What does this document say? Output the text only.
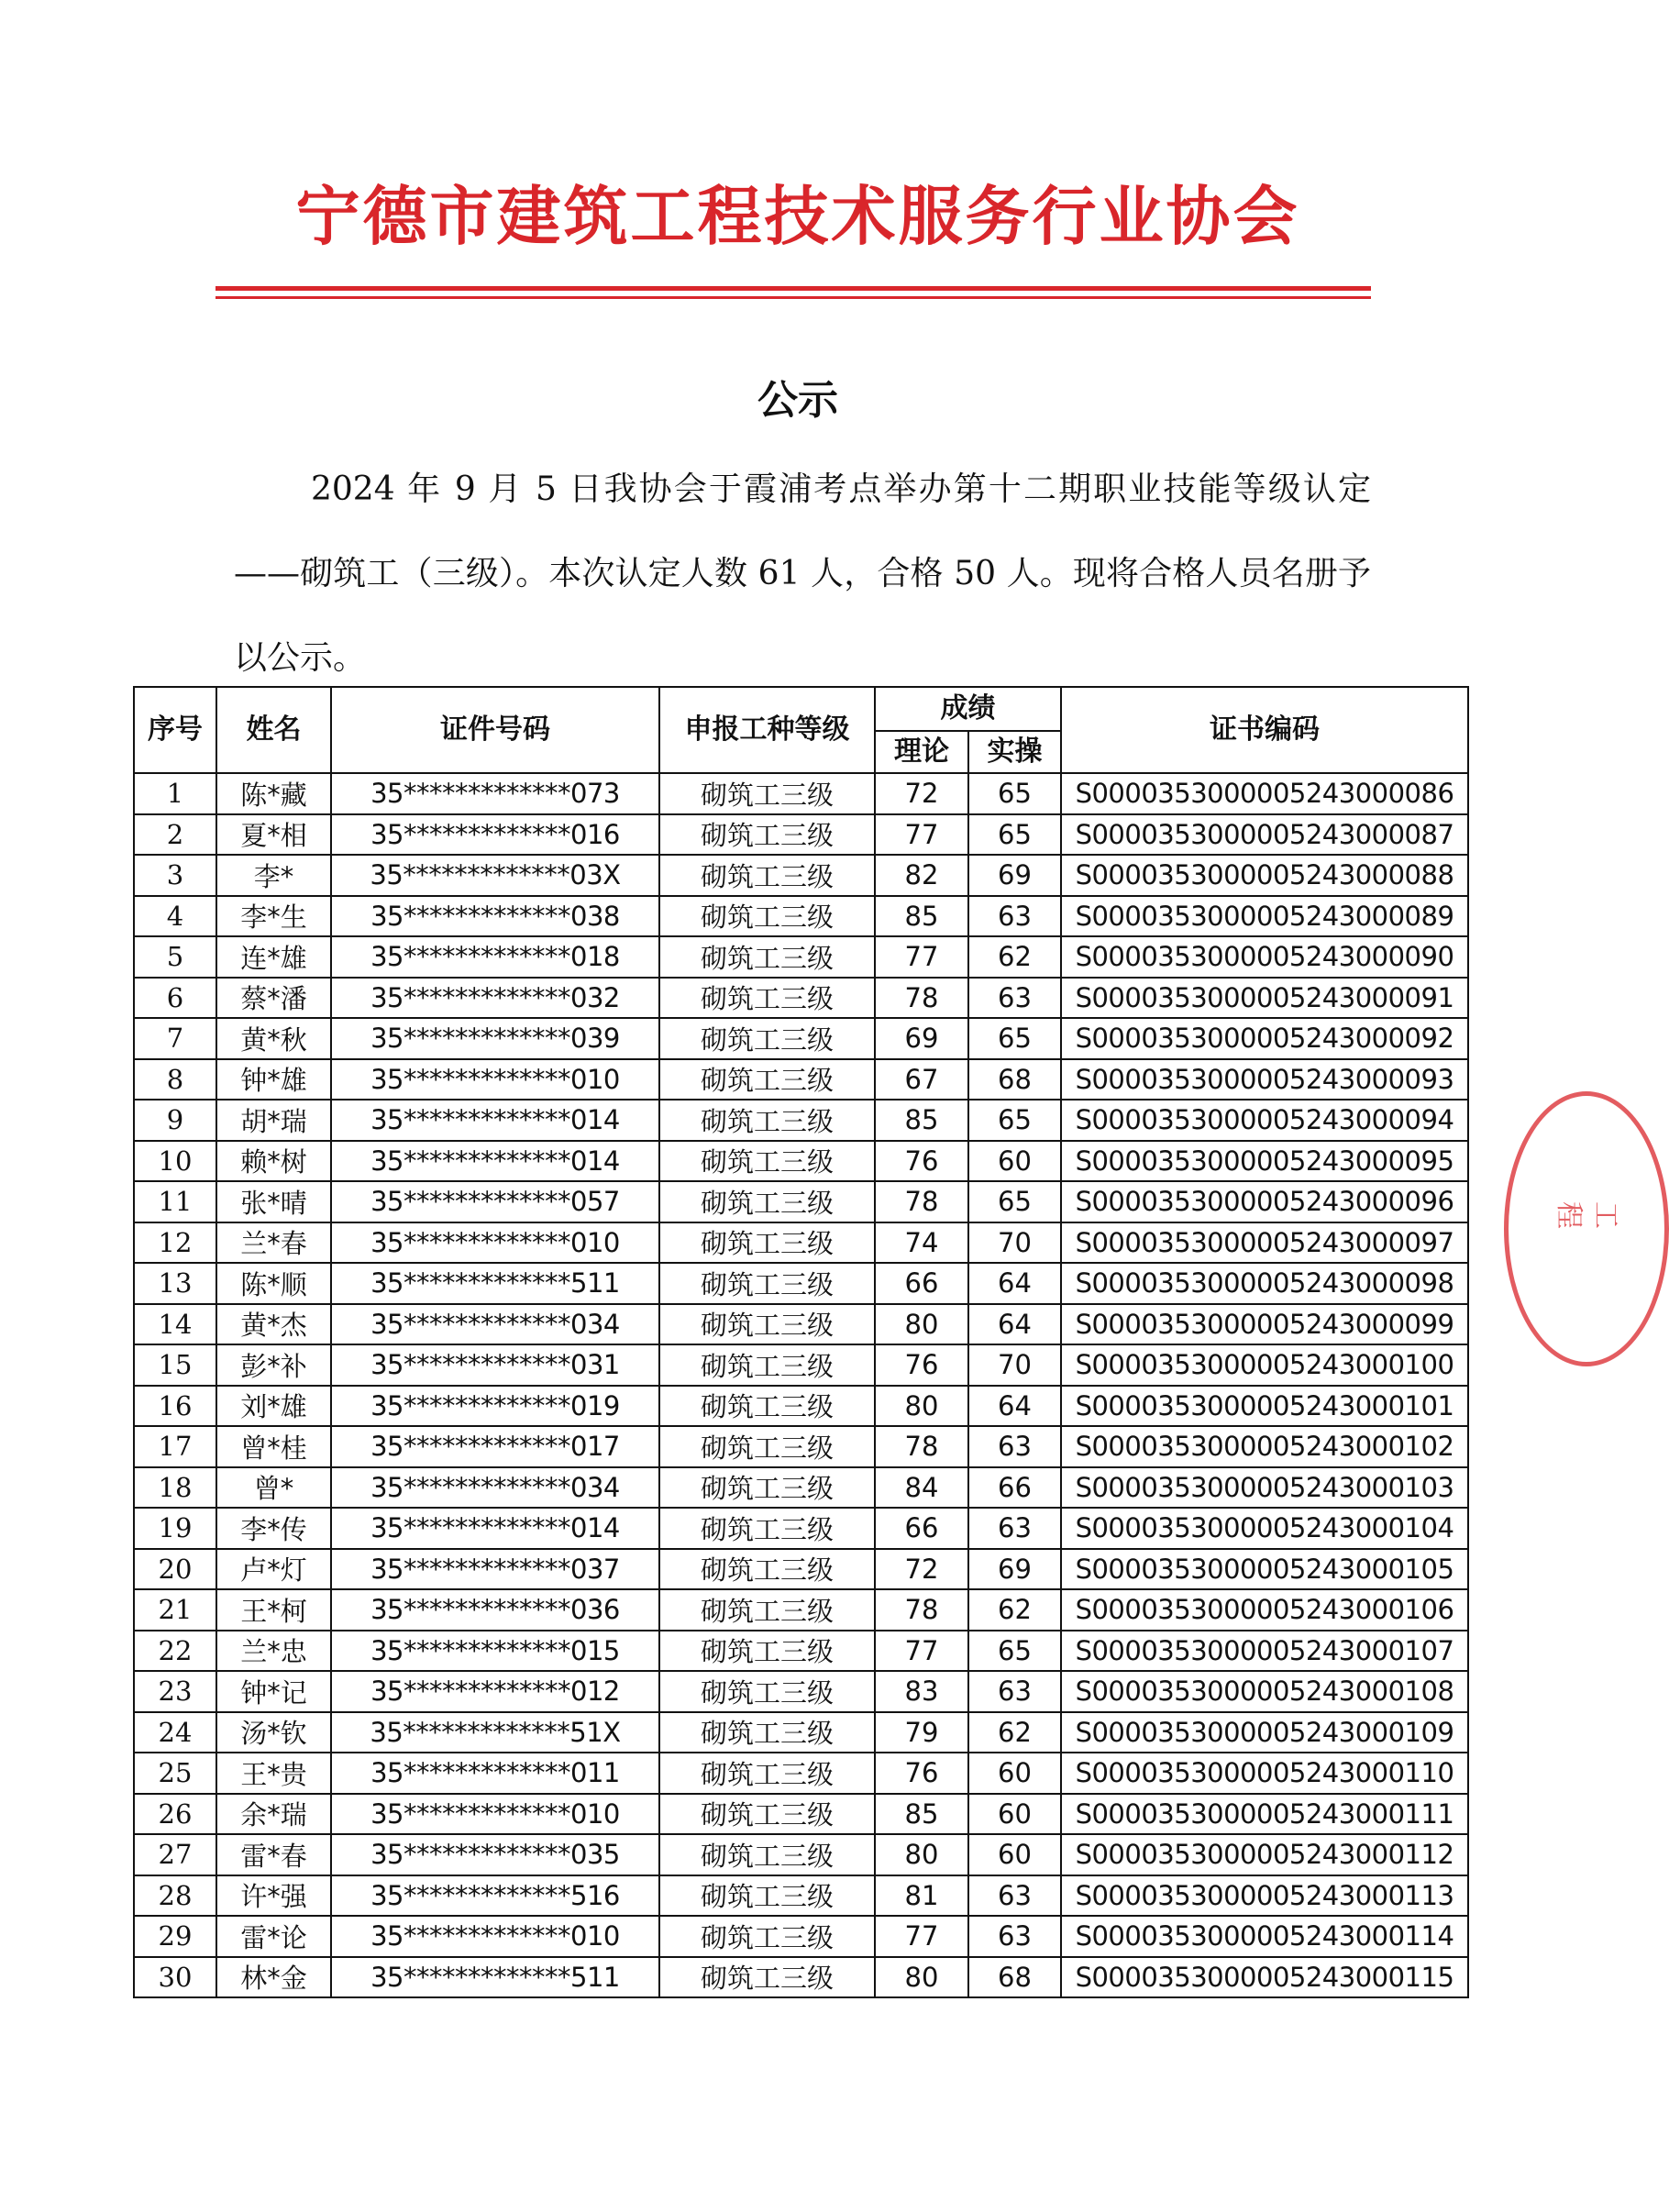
宁德市建筑工程技术服务行业协会
公示
2024 年 9 月 5 日我协会于霞浦考点举办第十二期职业技能等级认定——砌筑工（三级）。本次认定人数 61 人，合格 50 人。现将合格人员名册予以公示。
序号	姓名	证件号码	申报工种等级	成绩		证书编码
				理论	实操	
1	陈*藏	35*************073	砌筑工三级	72	65	S0000353000005243000086
2	夏*相	35*************016	砌筑工三级	77	65	S0000353000005243000087
3	李*	35*************03X	砌筑工三级	82	69	S0000353000005243000088
4	李*生	35*************038	砌筑工三级	85	63	S0000353000005243000089
5	连*雄	35*************018	砌筑工三级	77	62	S0000353000005243000090
6	蔡*潘	35*************032	砌筑工三级	78	63	S0000353000005243000091
7	黄*秋	35*************039	砌筑工三级	69	65	S0000353000005243000092
8	钟*雄	35*************010	砌筑工三级	67	68	S0000353000005243000093
9	胡*瑞	35*************014	砌筑工三级	85	65	S0000353000005243000094
10	赖*树	35*************014	砌筑工三级	76	60	S0000353000005243000095
11	张*晴	35*************057	砌筑工三级	78	65	S0000353000005243000096
12	兰*春	35*************010	砌筑工三级	74	70	S0000353000005243000097
13	陈*顺	35*************511	砌筑工三级	66	64	S0000353000005243000098
14	黄*杰	35*************034	砌筑工三级	80	64	S0000353000005243000099
15	彭*补	35*************031	砌筑工三级	76	70	S0000353000005243000100
16	刘*雄	35*************019	砌筑工三级	80	64	S0000353000005243000101
17	曾*桂	35*************017	砌筑工三级	78	63	S0000353000005243000102
18	曾*	35*************034	砌筑工三级	84	66	S0000353000005243000103
19	李*传	35*************014	砌筑工三级	66	63	S0000353000005243000104
20	卢*灯	35*************037	砌筑工三级	72	69	S0000353000005243000105
21	王*柯	35*************036	砌筑工三级	78	62	S0000353000005243000106
22	兰*忠	35*************015	砌筑工三级	77	65	S0000353000005243000107
23	钟*记	35*************012	砌筑工三级	83	63	S0000353000005243000108
24	汤*钦	35*************51X	砌筑工三级	79	62	S0000353000005243000109
25	王*贵	35*************011	砌筑工三级	76	60	S0000353000005243000110
26	余*瑞	35*************010	砌筑工三级	85	60	S0000353000005243000111
27	雷*春	35*************035	砌筑工三级	80	60	S0000353000005243000112
28	许*强	35*************516	砌筑工三级	81	63	S0000353000005243000113
29	雷*论	35*************010	砌筑工三级	77	63	S0000353000005243000114
30	林*金	35*************511	砌筑工三级	80	68	S0000353000005243000115
工程
